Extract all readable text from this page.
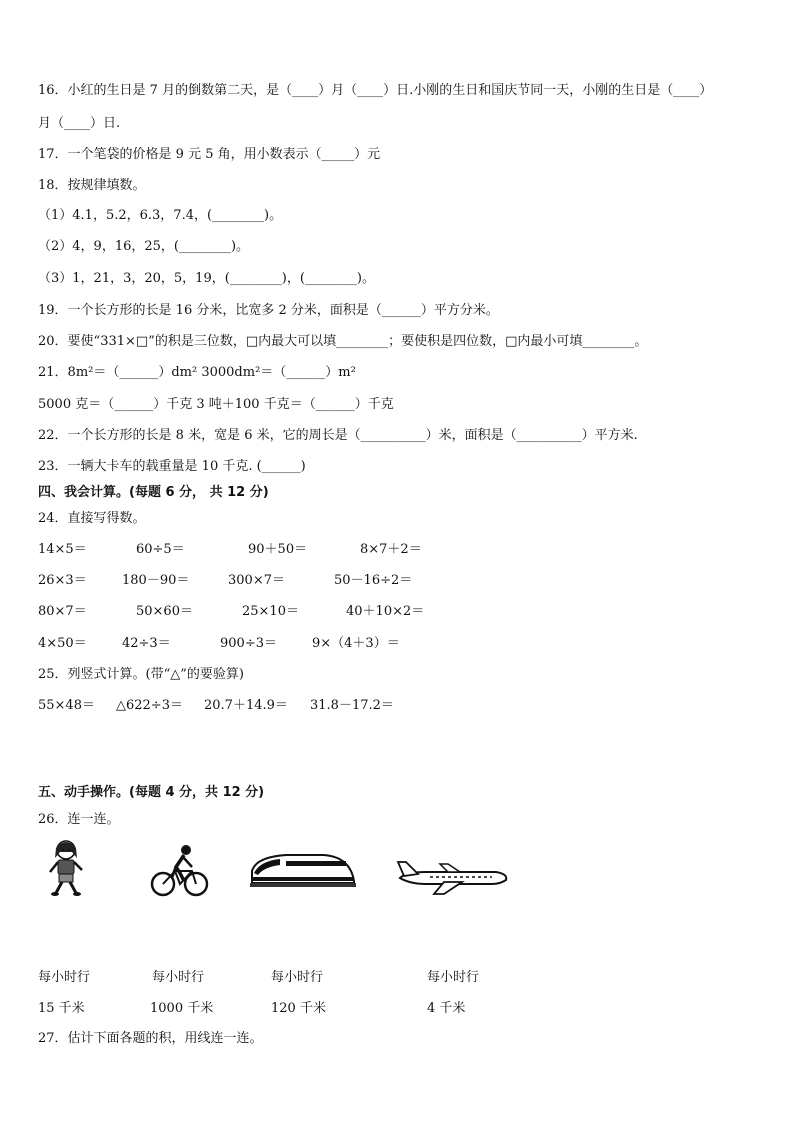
16．小红的生日是 7 月的倒数第二天，是（____）月（____）日.小刚的生日和国庆节同一天，小刚的生日是（____）
月（____）日.
17．一个笔袋的价格是 9 元 5 角，用小数表示（_____）元
18．按规律填数。
（1）4.1，5.2，6.3，7.4，(________)。
（2）4，9，16，25，(________)。
（3）1，21，3，20，5，19，(________)，(________)。
19．一个长方形的长是 16 分米，比宽多 2 分米，面积是（______）平方分米。
20．要使“331×□”的积是三位数，□内最大可以填________；要使积是四位数，□内最小可填________。
21．8m²＝（______）dm² 3000dm²＝（______）m²
5000 克＝（______）千克 3 吨＋100 千克＝（______）千克
22．一个长方形的长是 8 米，宽是 6 米，它的周长是（__________）米，面积是（__________）平方米.
23．一辆大卡车的载重量是 10 千克. (______)
四、我会计算。(每题 6 分， 共 12 分)
24．直接写得数。
14×5＝	60÷5＝	90＋50＝	8×7＋2＝
26×3＝	180－90＝	300×7＝	50－16÷2＝
80×7＝	50×60＝	25×10＝	40＋10×2＝
4×50＝	42÷3＝	900÷3＝	9×（4＋3）＝
25．列竖式计算。(带“△”的要验算)
55×48＝ △622÷3＝ 20.7＋14.9＝ 31.8－17.2＝
五、动手操作。(每题 4 分，共 12 分)
26．连一连。
每小时行	每小时行	每小时行	每小时行
15 千米	1000 千米	120 千米	4 千米
27．估计下面各题的积，用线连一连。
